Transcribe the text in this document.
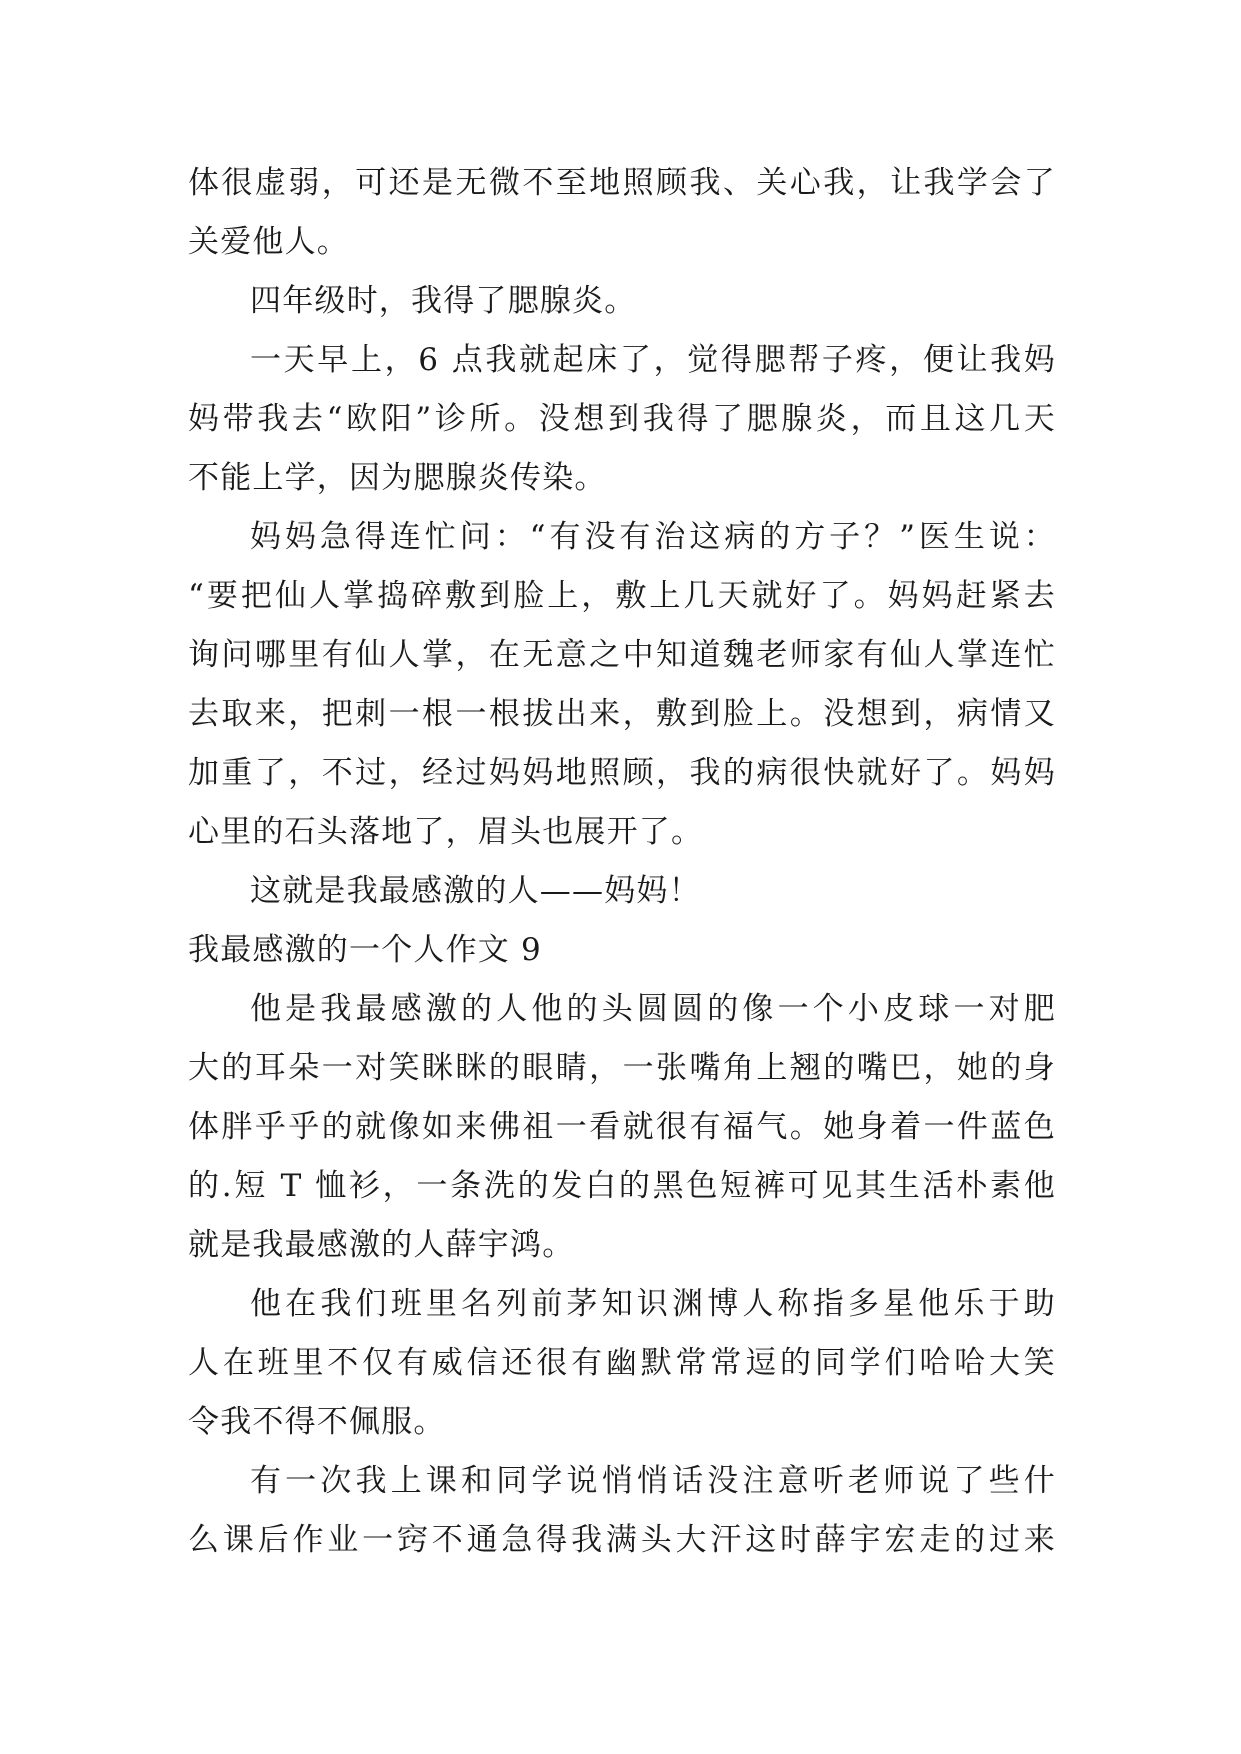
体很虚弱，可还是无微不至地照顾我、关心我，让我学会了
关爱他人。
四年级时，我得了腮腺炎。
一天早上，6 点我就起床了，觉得腮帮子疼，便让我妈
妈带我去“欧阳”诊所。没想到我得了腮腺炎，而且这几天
不能上学，因为腮腺炎传染。
妈妈急得连忙问：“有没有治这病的方子？”医生说：
“要把仙人掌捣碎敷到脸上，敷上几天就好了。妈妈赶紧去
询问哪里有仙人掌，在无意之中知道魏老师家有仙人掌连忙
去取来，把刺一根一根拔出来，敷到脸上。没想到，病情又
加重了，不过，经过妈妈地照顾，我的病很快就好了。妈妈
心里的石头落地了，眉头也展开了。
这就是我最感激的人——妈妈！
我最感激的一个人作文 9
他是我最感激的人他的头圆圆的像一个小皮球一对肥
大的耳朵一对笑眯眯的眼睛，一张嘴角上翘的嘴巴，她的身
体胖乎乎的就像如来佛祖一看就很有福气。她身着一件蓝色
的.短 T 恤衫，一条洗的发白的黑色短裤可见其生活朴素他
就是我最感激的人薛宇鸿。
他在我们班里名列前茅知识渊博人称指多星他乐于助
人在班里不仅有威信还很有幽默常常逗的同学们哈哈大笑
令我不得不佩服。
有一次我上课和同学说悄悄话没注意听老师说了些什
么课后作业一窍不通急得我满头大汗这时薛宇宏走的过来
